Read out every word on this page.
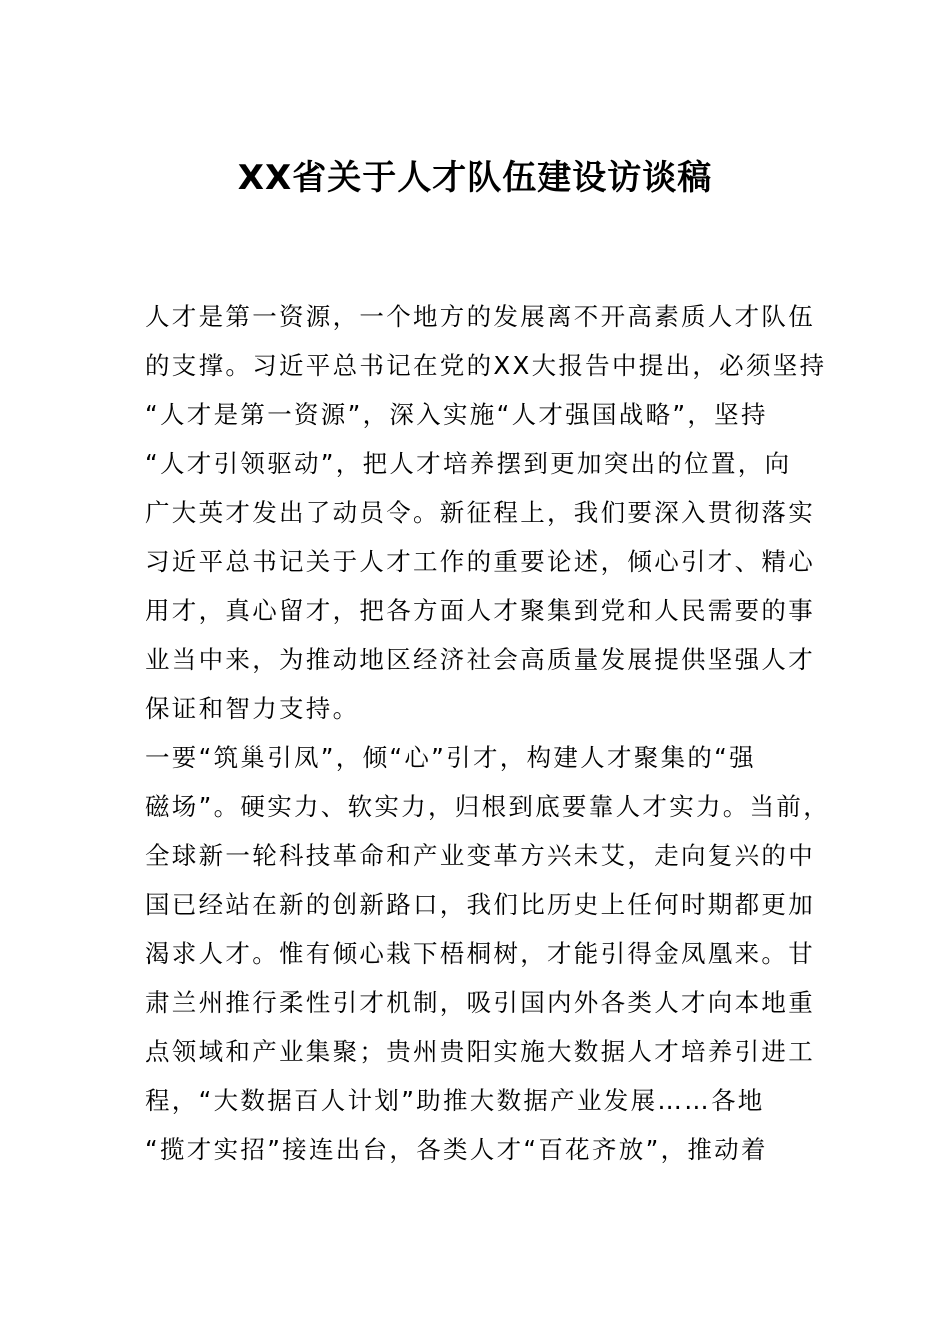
XX省关于人才队伍建设访谈稿
人才是第一资源，一个地方的发展离不开高素质人才队伍
的支撑。习近平总书记在党的XX大报告中提出，必须坚持
“人才是第一资源”，深入实施“人才强国战略”，坚持
“人才引领驱动”，把人才培养摆到更加突出的位置，向
广大英才发出了动员令。新征程上，我们要深入贯彻落实
习近平总书记关于人才工作的重要论述，倾心引才、精心
用才，真心留才，把各方面人才聚集到党和人民需要的事
业当中来，为推动地区经济社会高质量发展提供坚强人才
保证和智力支持。
一要“筑巢引凤”，倾“心”引才，构建人才聚集的“强
磁场”。硬实力、软实力，归根到底要靠人才实力。当前，
全球新一轮科技革命和产业变革方兴未艾，走向复兴的中
国已经站在新的创新路口，我们比历史上任何时期都更加
渴求人才。惟有倾心栽下梧桐树，才能引得金凤凰来。甘
肃兰州推行柔性引才机制，吸引国内外各类人才向本地重
点领域和产业集聚；贵州贵阳实施大数据人才培养引进工
程，“大数据百人计划”助推大数据产业发展……各地
“揽才实招”接连出台，各类人才“百花齐放”，推动着
